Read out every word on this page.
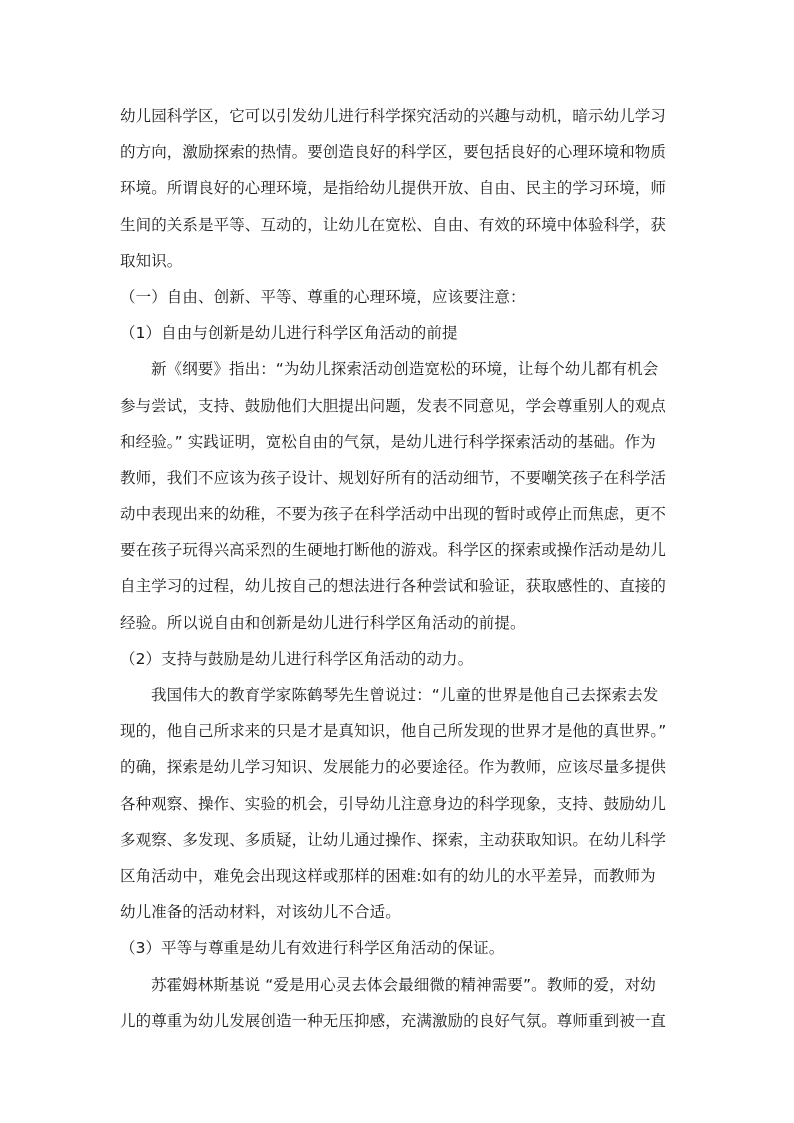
幼儿园科学区，它可以引发幼儿进行科学探究活动的兴趣与动机，暗示幼儿学习
的方向，激励探索的热情。要创造良好的科学区，要包括良好的心理环境和物质
环境。所谓良好的心理环境，是指给幼儿提供开放、自由、民主的学习环境，师
生间的关系是平等、互动的，让幼儿在宽松、自由、有效的环境中体验科学，获
取知识。
（一）自由、创新、平等、尊重的心理环境，应该要注意：
（1）自由与创新是幼儿进行科学区角活动的前提
新《纲要》指出：“为幼儿探索活动创造宽松的环境，让每个幼儿都有机会
参与尝试，支持、鼓励他们大胆提出问题，发表不同意见，学会尊重别人的观点
和经验。” 实践证明，宽松自由的气氛，是幼儿进行科学探索活动的基础。作为
教师，我们不应该为孩子设计、规划好所有的活动细节，不要嘲笑孩子在科学活
动中表现出来的幼稚，不要为孩子在科学活动中出现的暂时或停止而焦虑，更不
要在孩子玩得兴高采烈的生硬地打断他的游戏。科学区的探索或操作活动是幼儿
自主学习的过程，幼儿按自己的想法进行各种尝试和验证，获取感性的、直接的
经验。所以说自由和创新是幼儿进行科学区角活动的前提。
（2）支持与鼓励是幼儿进行科学区角活动的动力。
我国伟大的教育学家陈鹤琴先生曾说过：“儿童的世界是他自己去探索去发
现的，他自己所求来的只是才是真知识，他自己所发现的世界才是他的真世界。”
的确，探索是幼儿学习知识、发展能力的必要途径。作为教师，应该尽量多提供
各种观察、操作、实验的机会，引导幼儿注意身边的科学现象，支持、鼓励幼儿
多观察、多发现、多质疑，让幼儿通过操作、探索，主动获取知识。在幼儿科学
区角活动中，难免会出现这样或那样的困难:如有的幼儿的水平差异，而教师为
幼儿准备的活动材料，对该幼儿不合适。
（3）平等与尊重是幼儿有效进行科学区角活动的保证。
苏霍姆林斯基说 “爱是用心灵去体会最细微的精神需要”。教师的爱，对幼
儿的尊重为幼儿发展创造一种无压抑感，充满激励的良好气氛。尊师重到被一直
